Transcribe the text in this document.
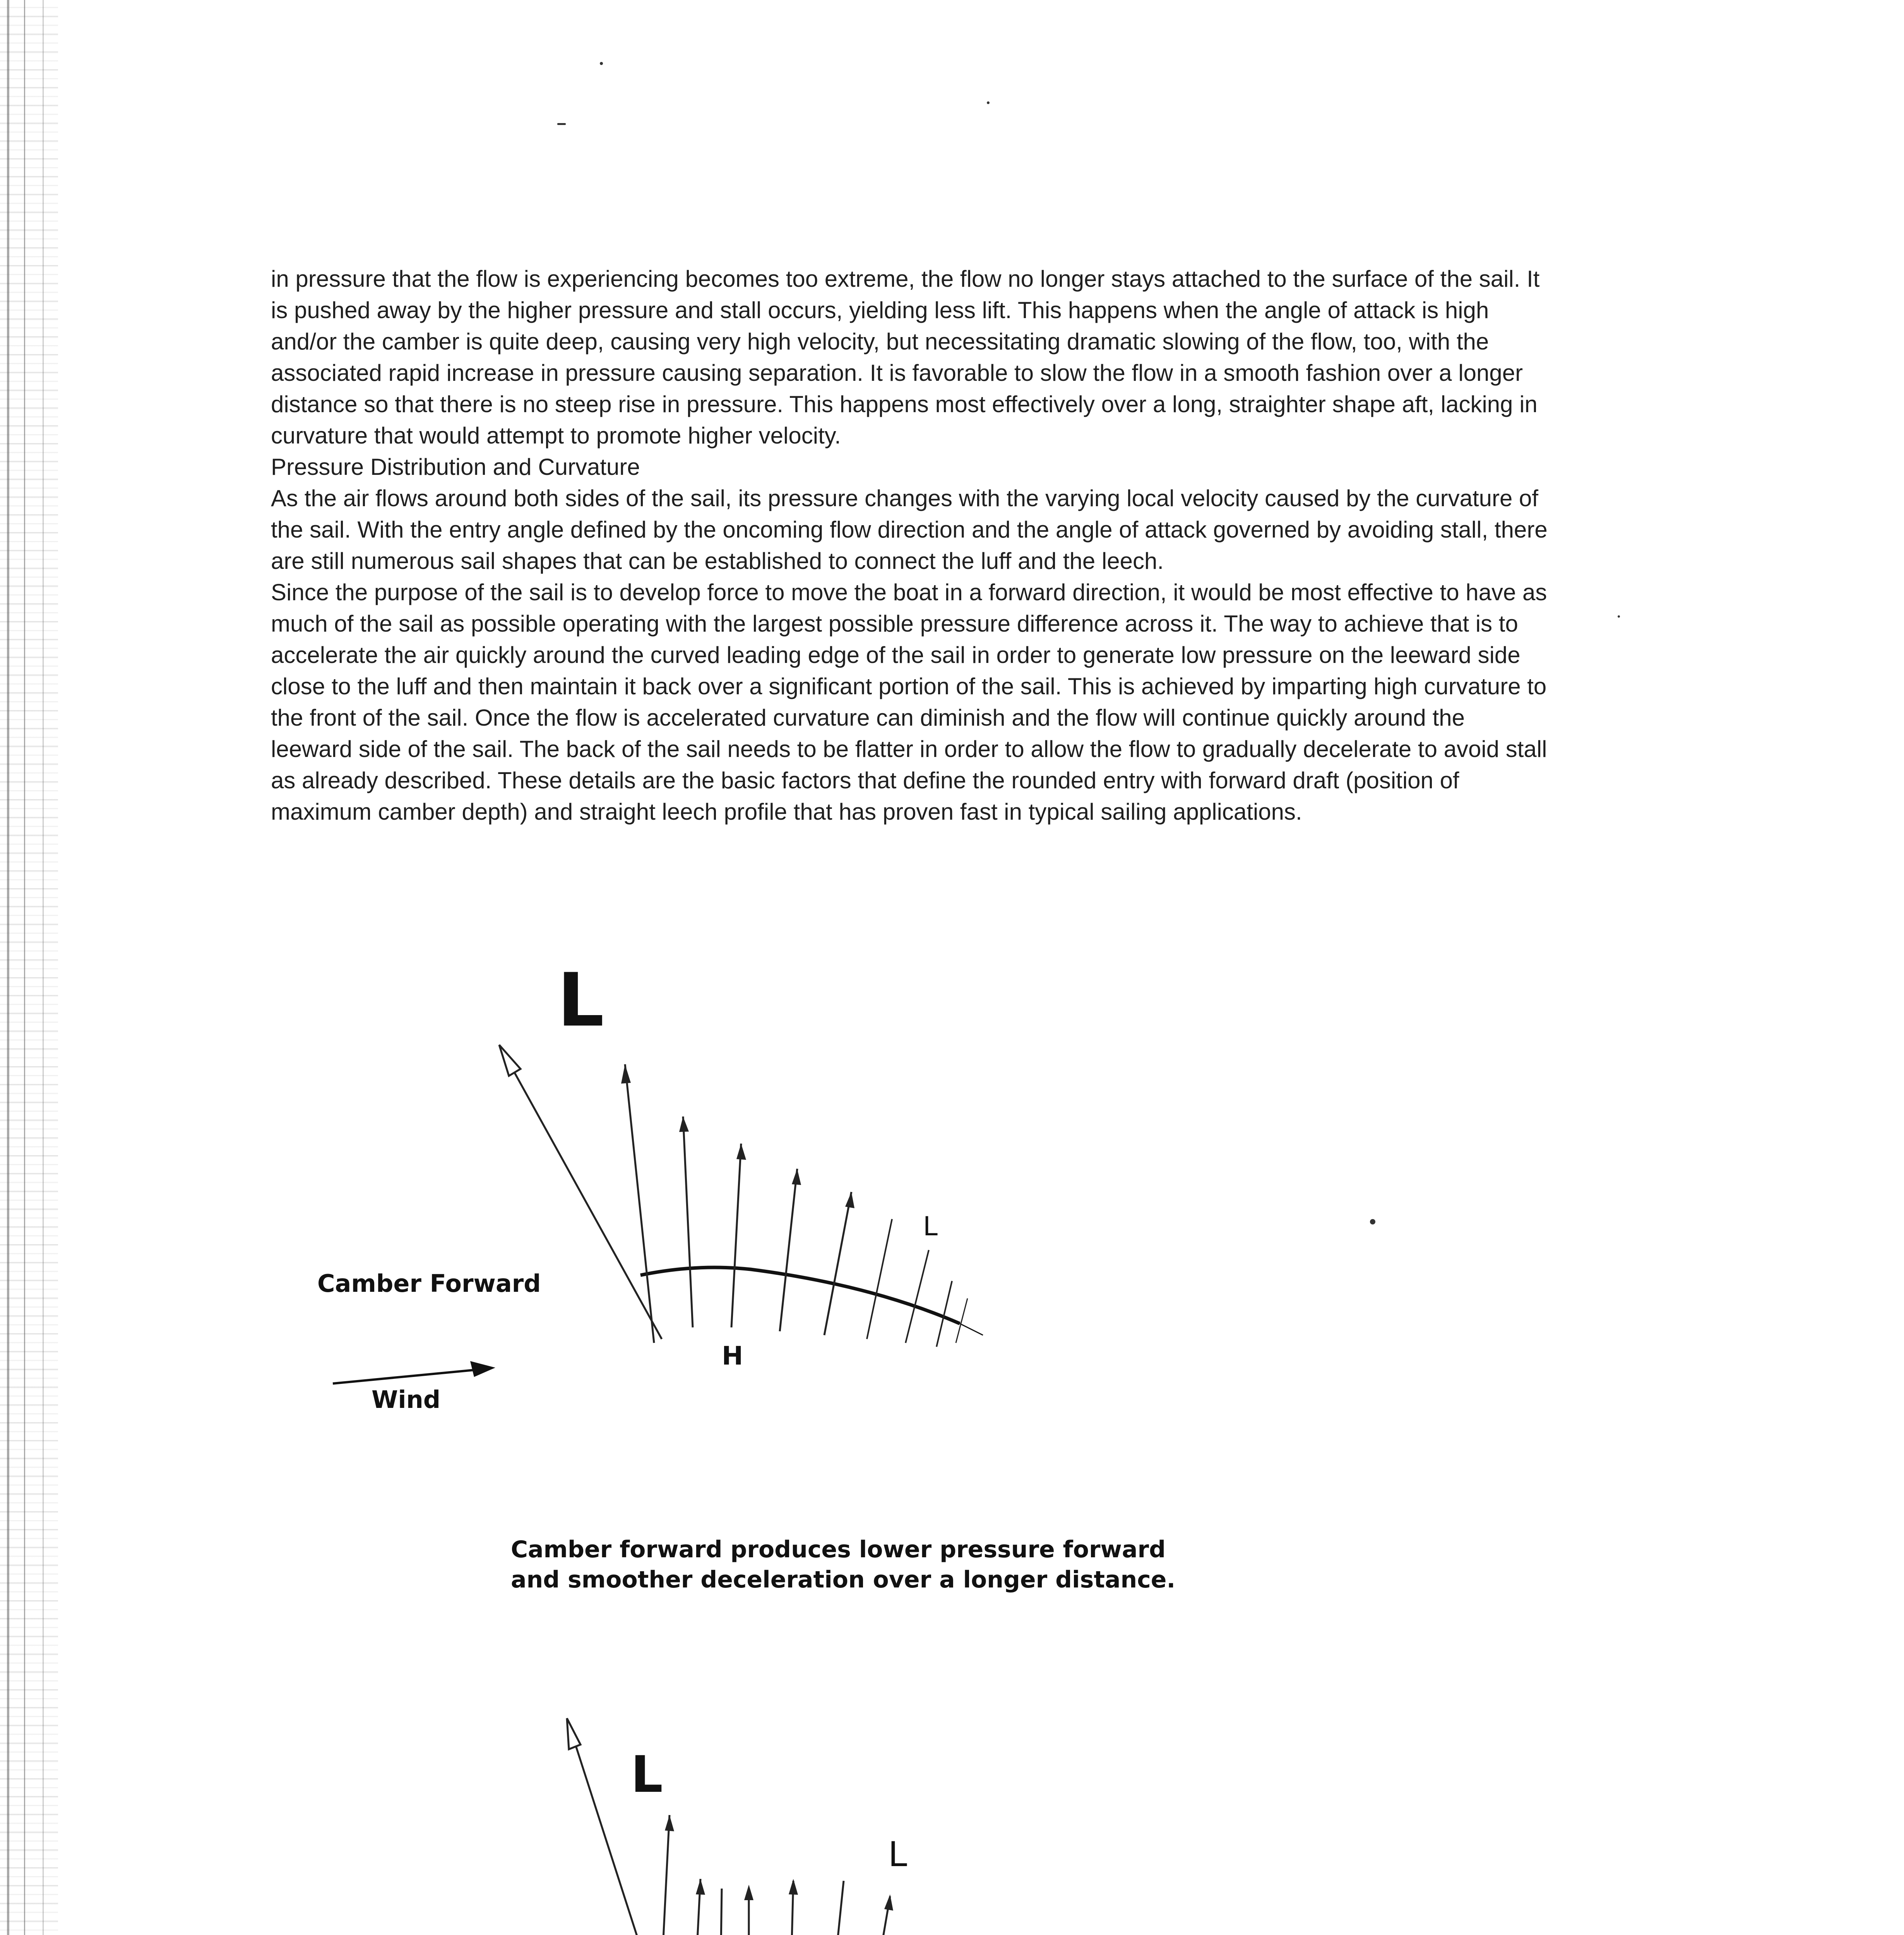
in pressure that the flow is experiencing becomes too extreme, the flow no longer stays attached to the surface of the sail. It is pushed away by the higher pressure and stall occurs, yielding less lift. This happens when the angle of attack is high and/or the camber is quite deep, causing very high velocity, but necessitating dramatic slowing of the flow, too, with the associated rapid increase in pressure causing separation. It is favorable to slow the flow in a smooth fashion over a longer distance so that there is no steep rise in pressure. This happens most effectively over a long, straighter shape aft, lacking in curvature that would attempt to promote higher velocity.

Pressure Distribution and Curvature

As the air flows around both sides of the sail, its pressure changes with the varying local velocity caused by the curvature of the sail. With the entry angle defined by the oncoming flow direction and the angle of attack governed by avoiding stall, there are still numerous sail shapes that can be established to connect the luff and the leech.

Since the purpose of the sail is to develop force to move the boat in a forward direction, it would be most effective to have as much of the sail as possible operating with the largest possible pressure difference across it. The way to achieve that is to accelerate the air quickly around the curved leading edge of the sail in order to generate low pressure on the leeward side close to the luff and then maintain it back over a significant portion of the sail. This is achieved by imparting high curvature to the front of the sail. Once the flow is accelerated curvature can diminish and the flow will continue quickly around the leeward side of the sail. The back of the sail needs to be flatter in order to allow the flow to gradually decelerate to avoid stall as already described. These details are the basic factors that define the rounded entry with forward draft (position of maximum camber depth) and straight leech profile that has proven fast in typical sailing applications.

L
L
H
Camber Forward
Wind
Camber forward produces lower pressure forward
and smoother deceleration over a longer distance.
L
L
